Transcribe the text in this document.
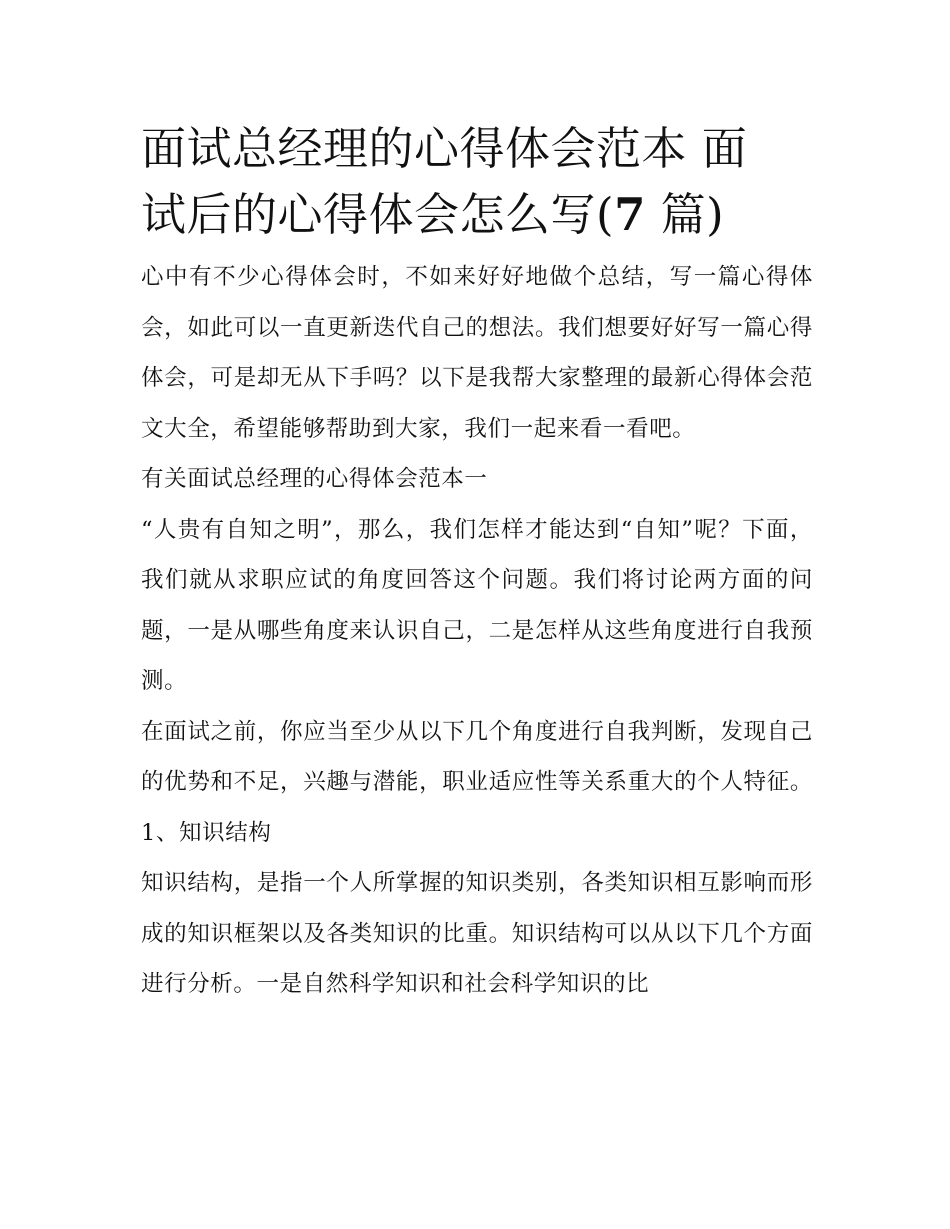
面试总经理的心得体会范本 面
试后的心得体会怎么写(7 篇)

心中有不少心得体会时，不如来好好地做个总结，写一篇心得体会，如此可以一直更新迭代自己的想法。我们想要好好写一篇心得体会，可是却无从下手吗？以下是我帮大家整理的最新心得体会范文大全，希望能够帮助到大家，我们一起来看一看吧。

有关面试总经理的心得体会范本一

“人贵有自知之明”，那么，我们怎样才能达到“自知”呢？下面，我们就从求职应试的角度回答这个问题。我们将讨论两方面的问题，一是从哪些角度来认识自己，二是怎样从这些角度进行自我预测。

在面试之前，你应当至少从以下几个角度进行自我判断，发现自己的优势和不足，兴趣与潜能，职业适应性等关系重大的个人特征。 1、知识结构

知识结构，是指一个人所掌握的知识类别，各类知识相互影响而形成的知识框架以及各类知识的比重。知识结构可以从以下几个方面进行分析。一是自然科学知识和社会科学知识的比
